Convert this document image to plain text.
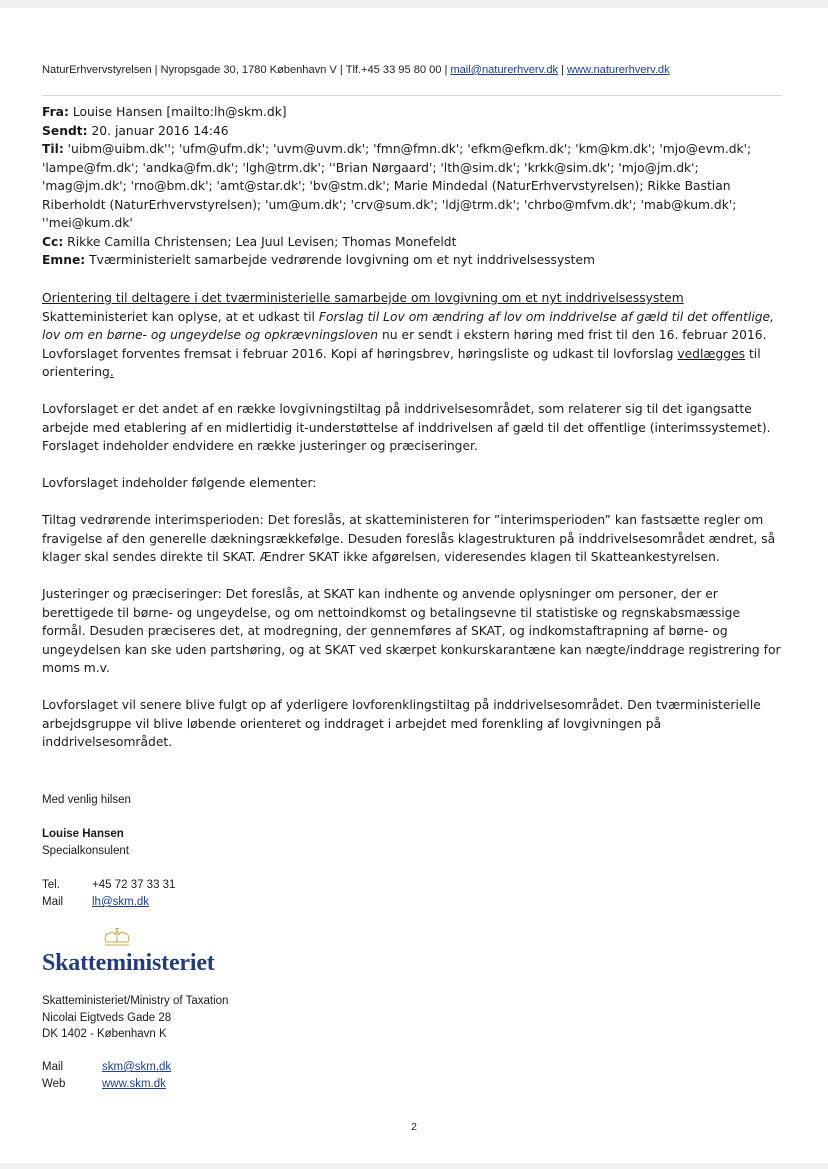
NaturErhvervstyrelsen | Nyropsgade 30, 1780 København V | Tlf.+45 33 95 80 00 | mail@naturerhverv.dk | www.naturerhverv.dk

Fra: Louise Hansen [mailto:lh@skm.dk]

Sendt: 20. januar 2016 14:46

Til: 'uibm@uibm.dk''; 'ufm@ufm.dk'; 'uvm@uvm.dk'; 'fmn@fmn.dk'; 'efkm@efkm.dk'; 'km@km.dk'; 'mjo@evm.dk'; 'lampe@fm.dk'; 'andka@fm.dk'; 'lgh@trm.dk'; ''Brian Nørgaard'; 'lth@sim.dk'; 'krkk@sim.dk'; 'mjo@jm.dk'; 'mag@jm.dk'; 'rno@bm.dk'; 'amt@star.dk'; 'bv@stm.dk'; Marie Mindedal (NaturErhvervstyrelsen); Rikke Bastian Riberholdt (NaturErhvervstyrelsen); 'um@um.dk'; 'crv@sum.dk'; 'ldj@trm.dk'; 'chrbo@mfvm.dk'; 'mab@kum.dk'; ''mei@kum.dk'

Cc: Rikke Camilla Christensen; Lea Juul Levisen; Thomas Monefeldt

Emne: Tværministerielt samarbejde vedrørende lovgivning om et nyt inddrivelsessystem

Orientering til deltagere i det tværministerielle samarbejde om lovgivning om et nyt inddrivelsessystem
Skatteministeriet kan oplyse, at et udkast til Forslag til Lov om ændring af lov om inddrivelse af gæld til det offentlige, lov om en børne- og ungeydelse og opkrævningsloven nu er sendt i ekstern høring med frist til den 16. februar 2016. Lovforslaget forventes fremsat i februar 2016. Kopi af høringsbrev, høringsliste og udkast til lovforslag vedlægges til orientering.

Lovforslaget er det andet af en række lovgivningstiltag på inddrivelsesområdet, som relaterer sig til det igangsatte arbejde med etablering af en midlertidig it-understøttelse af inddrivelsen af gæld til det offentlige (interimssystemet). Forslaget indeholder endvidere en række justeringer og præciseringer.

Lovforslaget indeholder følgende elementer:

Tiltag vedrørende interimsperioden: Det foreslås, at skatteministeren for ”interimsperioden” kan fastsætte regler om fravigelse af den generelle dækningsrækkefølge. Desuden foreslås klagestrukturen på inddrivelsesområdet ændret, så klager skal sendes direkte til SKAT. Ændrer SKAT ikke afgørelsen, videresendes klagen til Skatteankestyrelsen.

Justeringer og præciseringer: Det foreslås, at SKAT kan indhente og anvende oplysninger om personer, der er berettigede til børne- og ungeydelse, og om nettoindkomst og betalingsevne til statistiske og regnskabsmæssige formål. Desuden præciseres det, at modregning, der gennemføres af SKAT, og indkomstaftrapning af børne- og ungeydelsen kan ske uden partshøring, og at SKAT ved skærpet konkurskarantæne kan nægte/inddrage registrering for moms m.v.

Lovforslaget vil senere blive fulgt op af yderligere lovforenklingstiltag på inddrivelsesområdet. Den tværministerielle arbejdsgruppe vil blive løbende orienteret og inddraget i arbejdet med forenkling af lovgivningen på inddrivelsesområdet.

Med venlig hilsen

Louise Hansen

Specialkonsulent

Tel.	+45 72 37 33 31
Mail	lh@skm.dk
Skatteministeriet

Skatteministeriet/Ministry of Taxation

Nicolai Eigtveds Gade 28

DK 1402 - København K

Mail	skm@skm.dk
Web	www.skm.dk
2
